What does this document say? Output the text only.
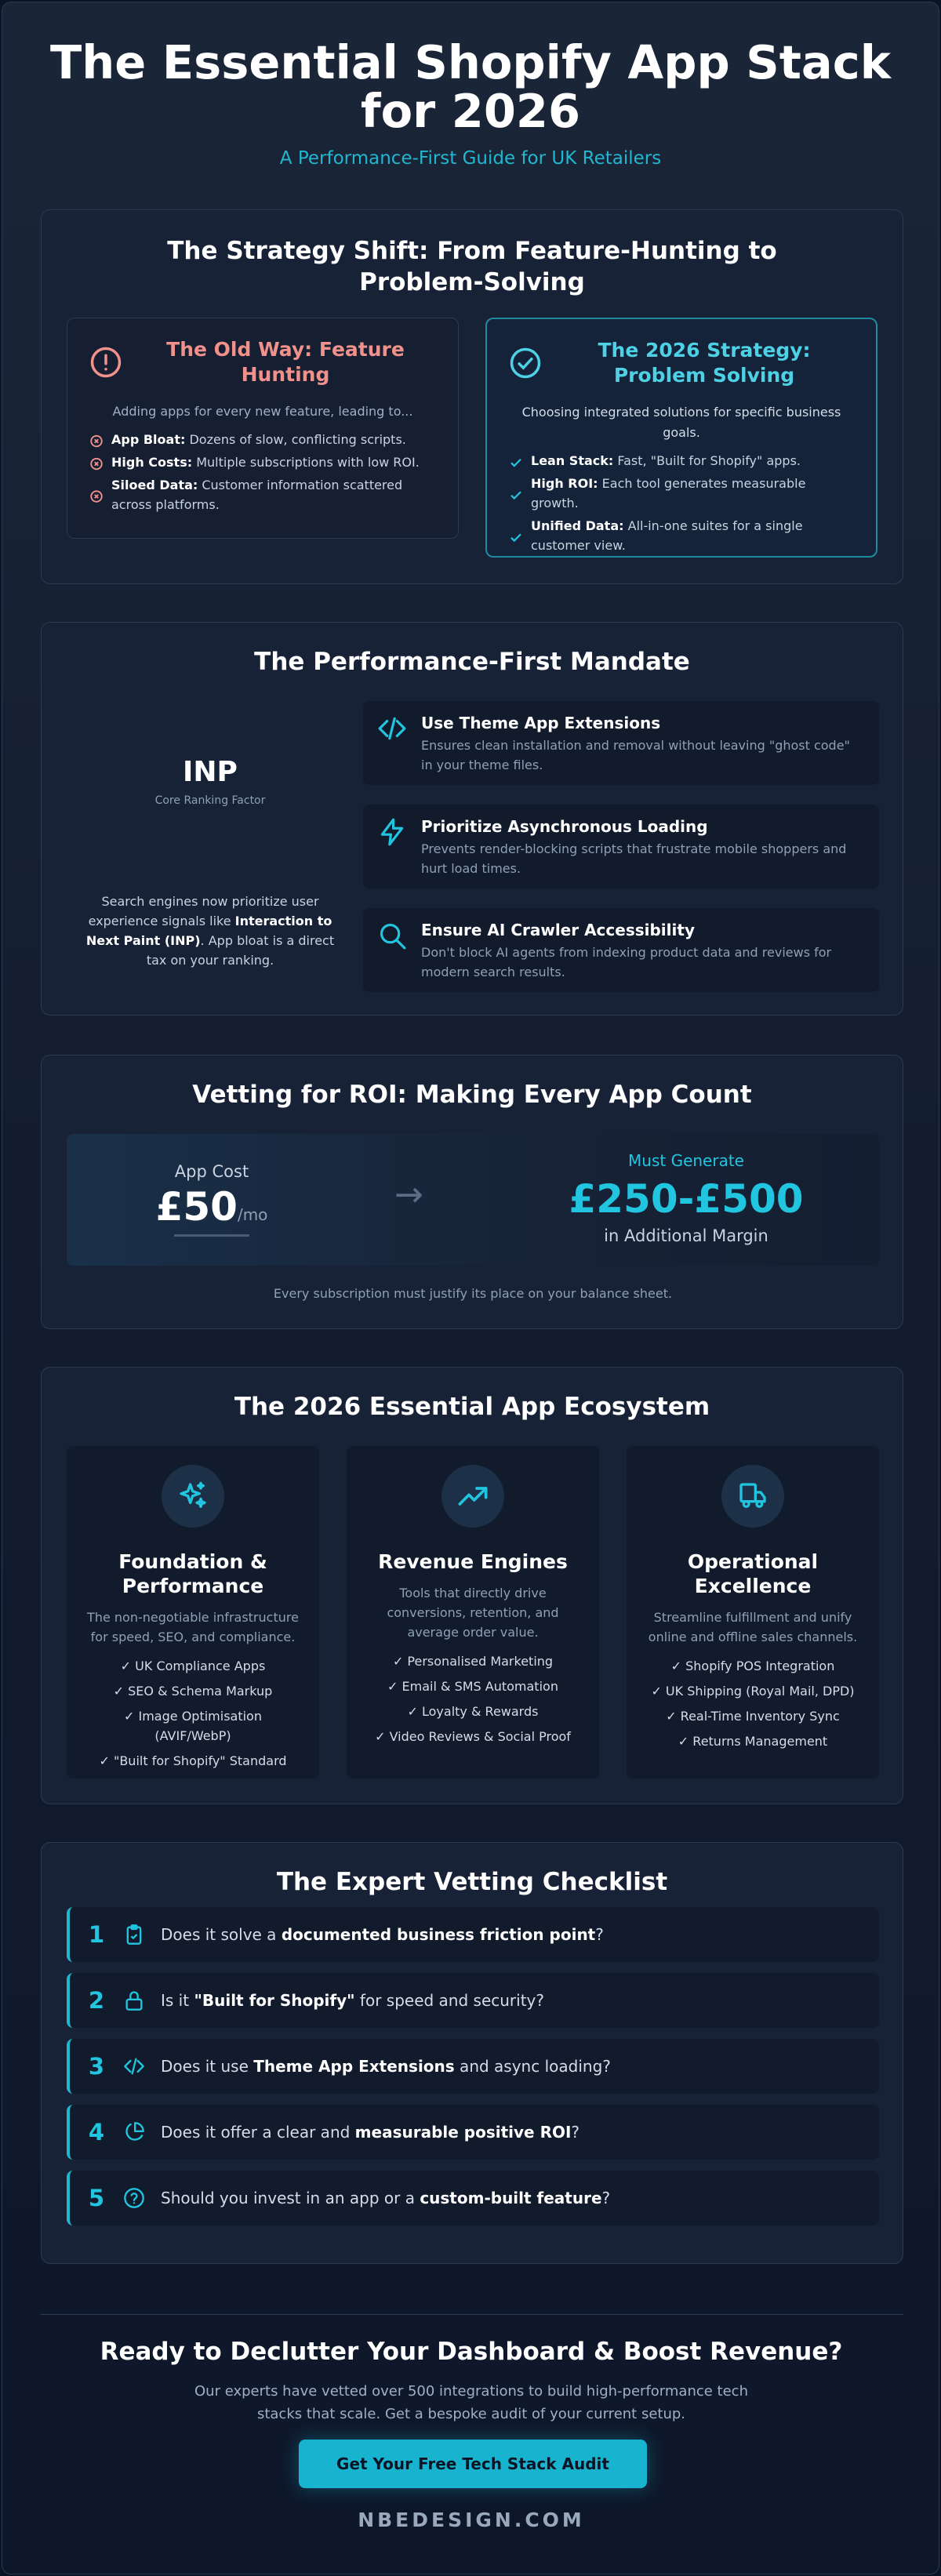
The Essential Shopify App Stack for 2026
A Performance-First Guide for UK Retailers
The Strategy Shift: From Feature-Hunting to Problem-Solving
The Old Way: Feature Hunting
Adding apps for every new feature, leading to...
App Bloat: Dozens of slow, conflicting scripts.
High Costs: Multiple subscriptions with low ROI.
Siloed Data: Customer information scattered across platforms.
The 2026 Strategy: Problem Solving
Choosing integrated solutions for specific business goals.
Lean Stack: Fast, "Built for Shopify" apps.
High ROI: Each tool generates measurable growth.
Unified Data: All-in-one suites for a single customer view.
The Performance-First Mandate
INP
Core Ranking Factor
Search engines now prioritize user experience signals like Interaction to Next Paint (INP). App bloat is a direct tax on your ranking.
Use Theme App Extensions
Ensures clean installation and removal without leaving "ghost code" in your theme files.
Prioritize Asynchronous Loading
Prevents render-blocking scripts that frustrate mobile shoppers and hurt load times.
Ensure AI Crawler Accessibility
Don't block AI agents from indexing product data and reviews for modern search results.
Vetting for ROI: Making Every App Count
App Cost
£50/mo	→
Must Generate
£250-£500
in Additional Margin
Every subscription must justify its place on your balance sheet.
The 2026 Essential App Ecosystem
Foundation & Performance
The non-negotiable infrastructure for speed, SEO, and compliance.
✓ UK Compliance Apps
✓ SEO & Schema Markup
✓ Image Optimisation (AVIF/WebP)
✓ "Built for Shopify" Standard
Revenue Engines
Tools that directly drive conversions, retention, and average order value.
✓ Personalised Marketing
✓ Email & SMS Automation
✓ Loyalty & Rewards
✓ Video Reviews & Social Proof
Operational Excellence
Streamline fulfillment and unify online and offline sales channels.
✓ Shopify POS Integration
✓ UK Shipping (Royal Mail, DPD)
✓ Real-Time Inventory Sync
✓ Returns Management
The Expert Vetting Checklist
1	Does it solve a documented business friction point?
2	Is it "Built for Shopify" for speed and security?
3	Does it use Theme App Extensions and async loading?
4	Does it offer a clear and measurable positive ROI?
5	Should you invest in an app or a custom-built feature?
Ready to Declutter Your Dashboard & Boost Revenue?
Our experts have vetted over 500 integrations to build high-performance tech stacks that scale. Get a bespoke audit of your current setup.
Get Your Free Tech Stack Audit
NBEDESIGN.COM
